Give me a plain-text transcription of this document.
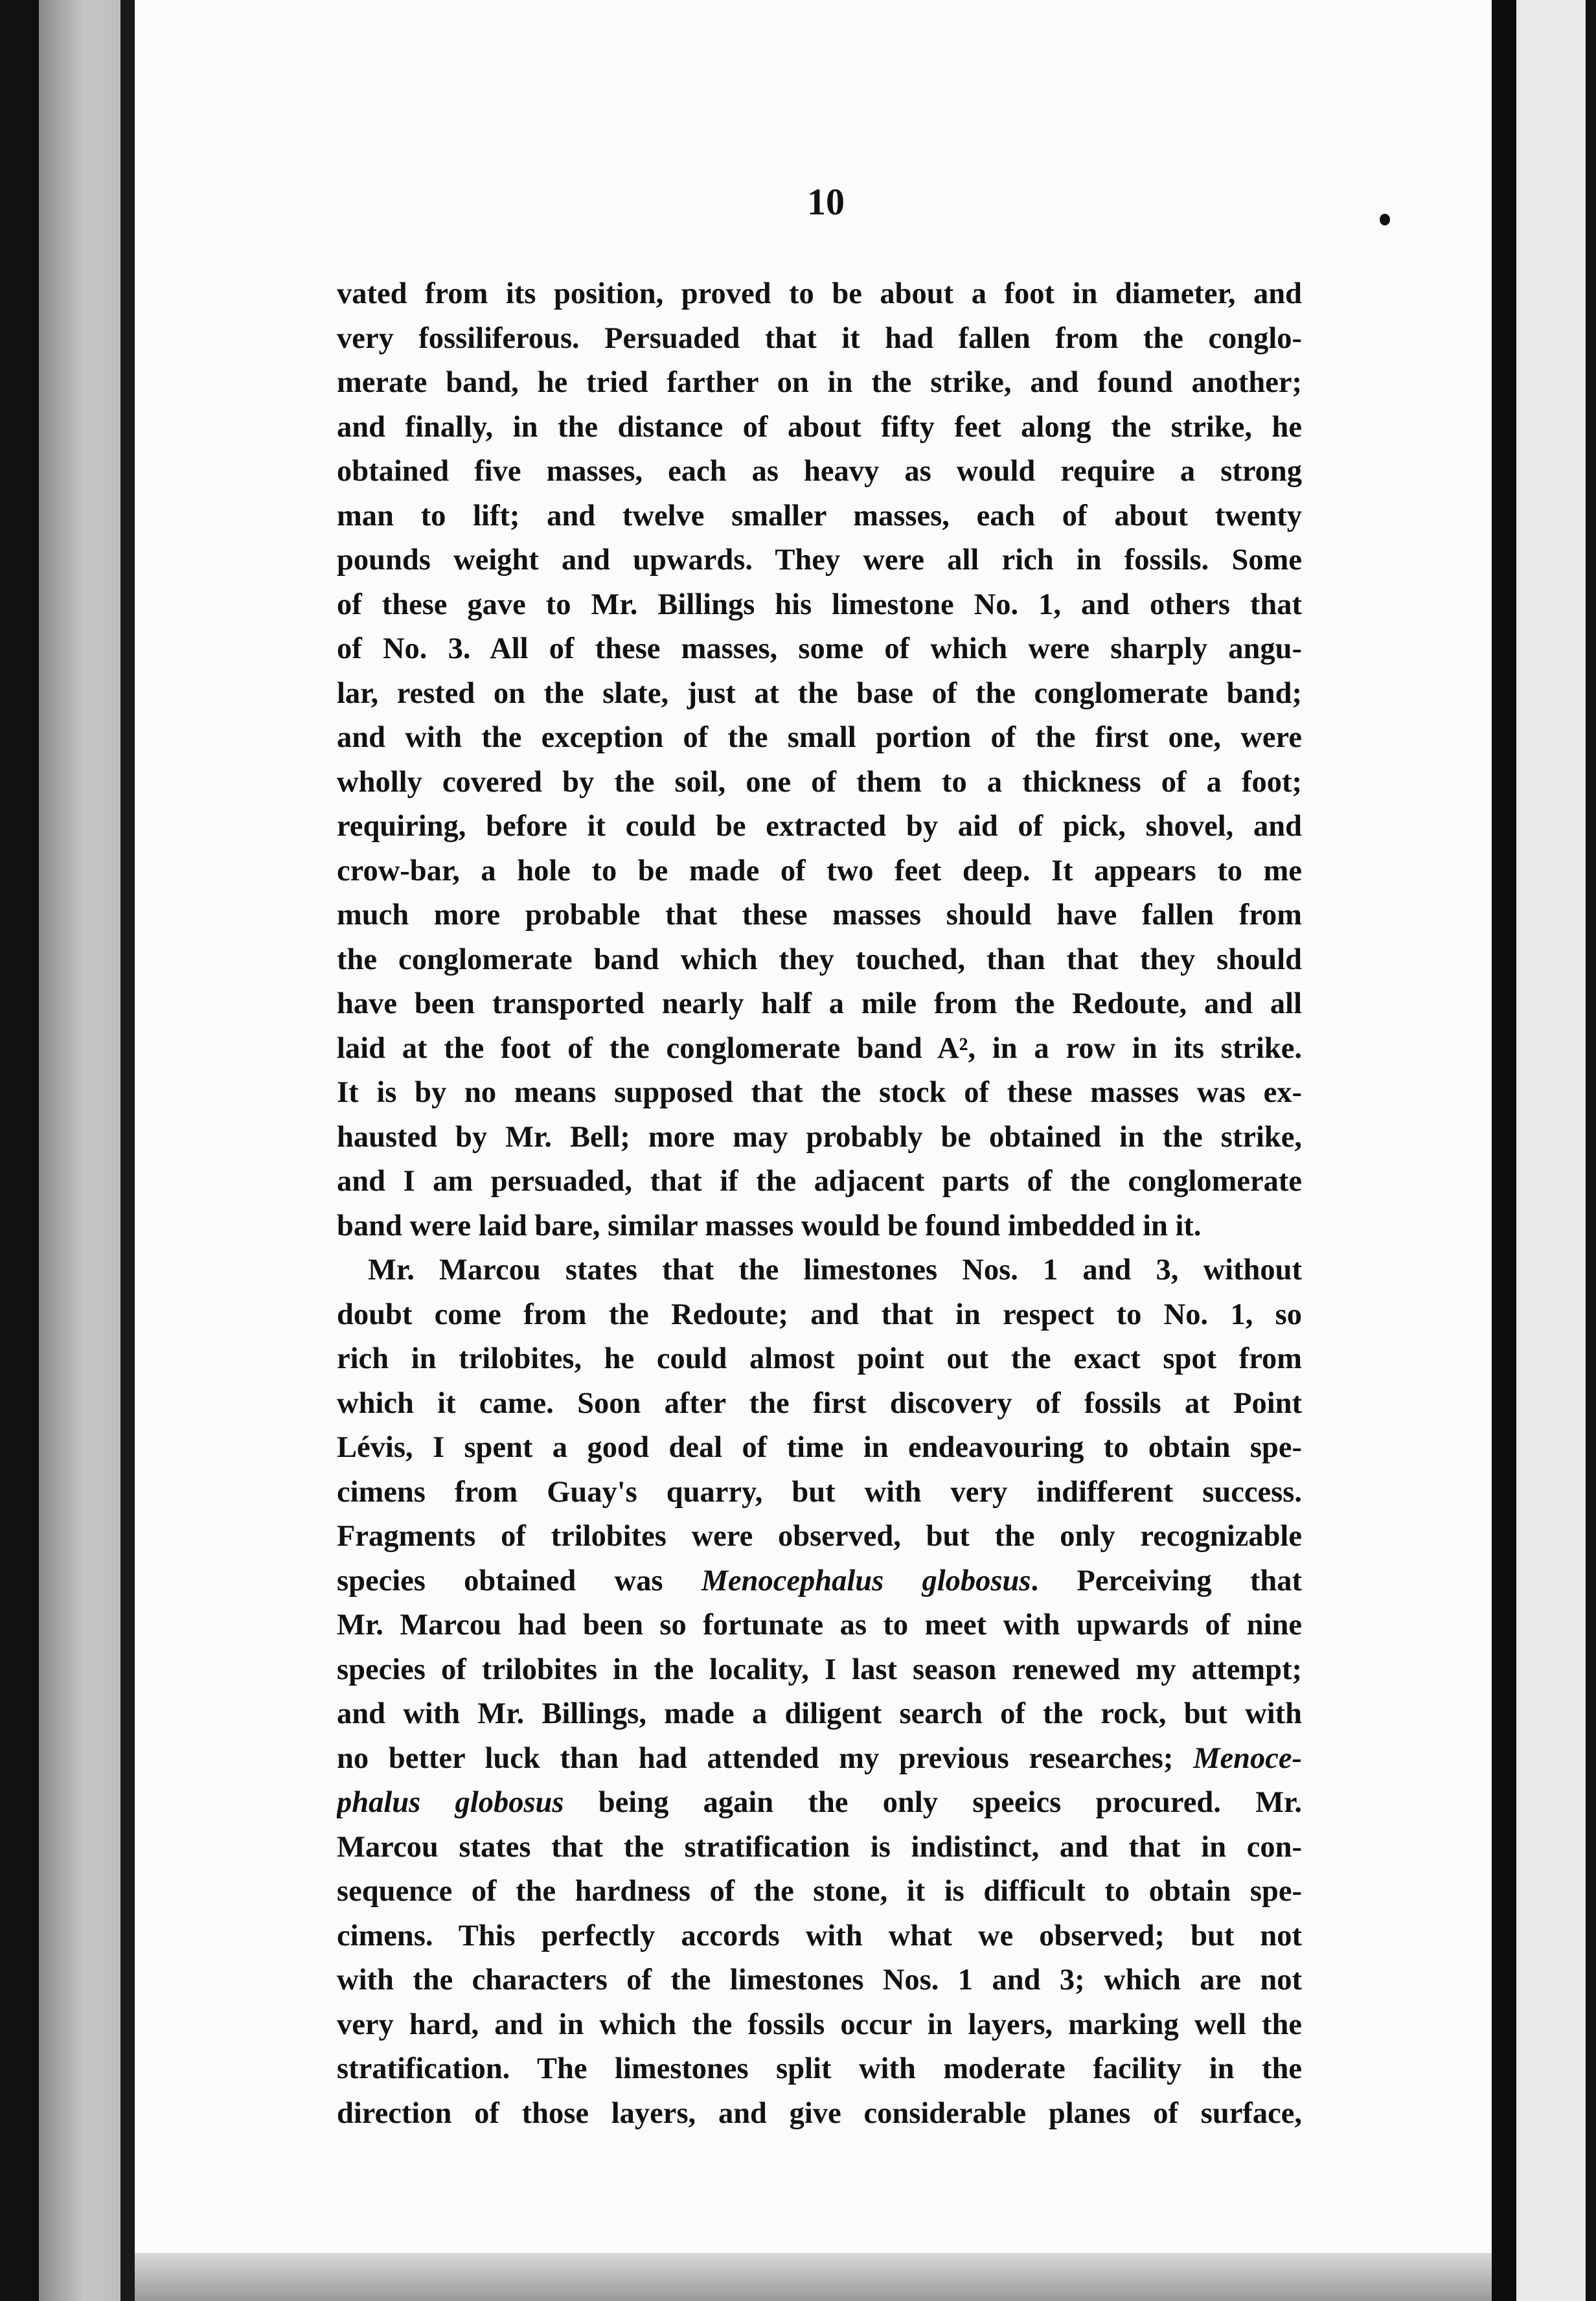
10
vated from its position, proved to be about a foot in diameter, and
very fossiliferous. Persuaded that it had fallen from the conglo-
merate band, he tried farther on in the strike, and found another;
and finally, in the distance of about fifty feet along the strike, he
obtained five masses, each as heavy as would require a strong
man to lift; and twelve smaller masses, each of about twenty
pounds weight and upwards. They were all rich in fossils. Some
of these gave to Mr. Billings his limestone No. 1, and others that
of No. 3. All of these masses, some of which were sharply angu-
lar, rested on the slate, just at the base of the conglomerate band;
and with the exception of the small portion of the first one, were
wholly covered by the soil, one of them to a thickness of a foot;
requiring, before it could be extracted by aid of pick, shovel, and
crow-bar, a hole to be made of two feet deep. It appears to me
much more probable that these masses should have fallen from
the conglomerate band which they touched, than that they should
have been transported nearly half a mile from the Redoute, and all
laid at the foot of the conglomerate band A², in a row in its strike.
It is by no means supposed that the stock of these masses was ex-
hausted by Mr. Bell; more may probably be obtained in the strike,
and I am persuaded, that if the adjacent parts of the conglomerate
band were laid bare, similar masses would be found imbedded in it.
Mr. Marcou states that the limestones Nos. 1 and 3, without
doubt come from the Redoute; and that in respect to No. 1, so
rich in trilobites, he could almost point out the exact spot from
which it came. Soon after the first discovery of fossils at Point
Lévis, I spent a good deal of time in endeavouring to obtain spe-
cimens from Guay's quarry, but with very indifferent success.
Fragments of trilobites were observed, but the only recognizable
species obtained was Menocephalus globosus. Perceiving that
Mr. Marcou had been so fortunate as to meet with upwards of nine
species of trilobites in the locality, I last season renewed my attempt;
and with Mr. Billings, made a diligent search of the rock, but with
no better luck than had attended my previous researches; Menoce-
phalus globosus being again the only speeics procured. Mr.
Marcou states that the stratification is indistinct, and that in con-
sequence of the hardness of the stone, it is difficult to obtain spe-
cimens. This perfectly accords with what we observed; but not
with the characters of the limestones Nos. 1 and 3; which are not
very hard, and in which the fossils occur in layers, marking well the
stratification. The limestones split with moderate facility in the
direction of those layers, and give considerable planes of surface,
